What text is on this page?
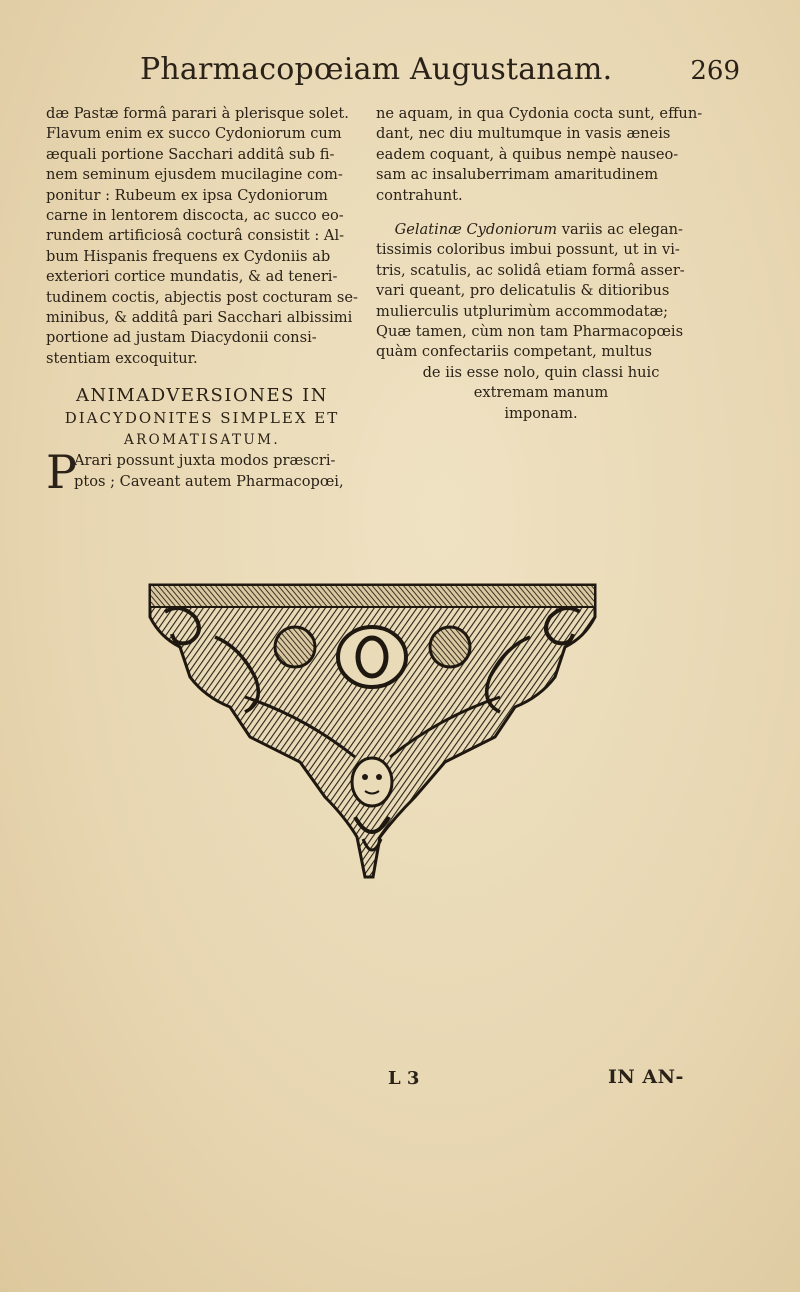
Pharmacopœiam Augustanam.	269

dæ Pastæ formâ parari à plerisque solet.
Flavum enim ex succo Cydoniorum cum
æquali portione Sacchari additâ sub fi-
nem seminum ejusdem mucilagine com-
ponitur : Rubeum ex ipsa Cydoniorum
carne in lentorem discocta, ac succo eo-
rundem artificiosâ cocturâ consistit : Al-
bum Hispanis frequens ex Cydoniis ab
exteriori cortice mundatis, & ad teneri-
tudinem coctis, abjectis post cocturam se-
minibus, & additâ pari Sacchari albissimi
portione ad justam Diacydonii consi-
stentiam excoquitur.

ANIMADVERSIONES IN
DIACYDONITES SIMPLEX ET
AROMATISATUM.

P
Arari possunt juxta modos præscri-
ptos ; Caveant autem Pharmacopœi,

ne aquam, in qua Cydonia cocta sunt, effun-
dant, nec diu multumque in vasis æneis
eadem coquant, à quibus nempè nauseo-
sam ac insaluberrimam amaritudinem
contrahunt.

Gelatinæ Cydoniorum variis ac elegan-
tissimis coloribus imbui possunt, ut in vi-
tris, scatulis, ac solidâ etiam formâ asser-
vari queant, pro delicatulis & ditioribus
mulierculis utplurimùm accommodatæ;
Quæ tamen, cùm non tam Pharmacopœis
quàm confectariis competant, multus
de iis esse nolo, quin classi huic
extremam manum
imponam.

L 3	IN AN-
